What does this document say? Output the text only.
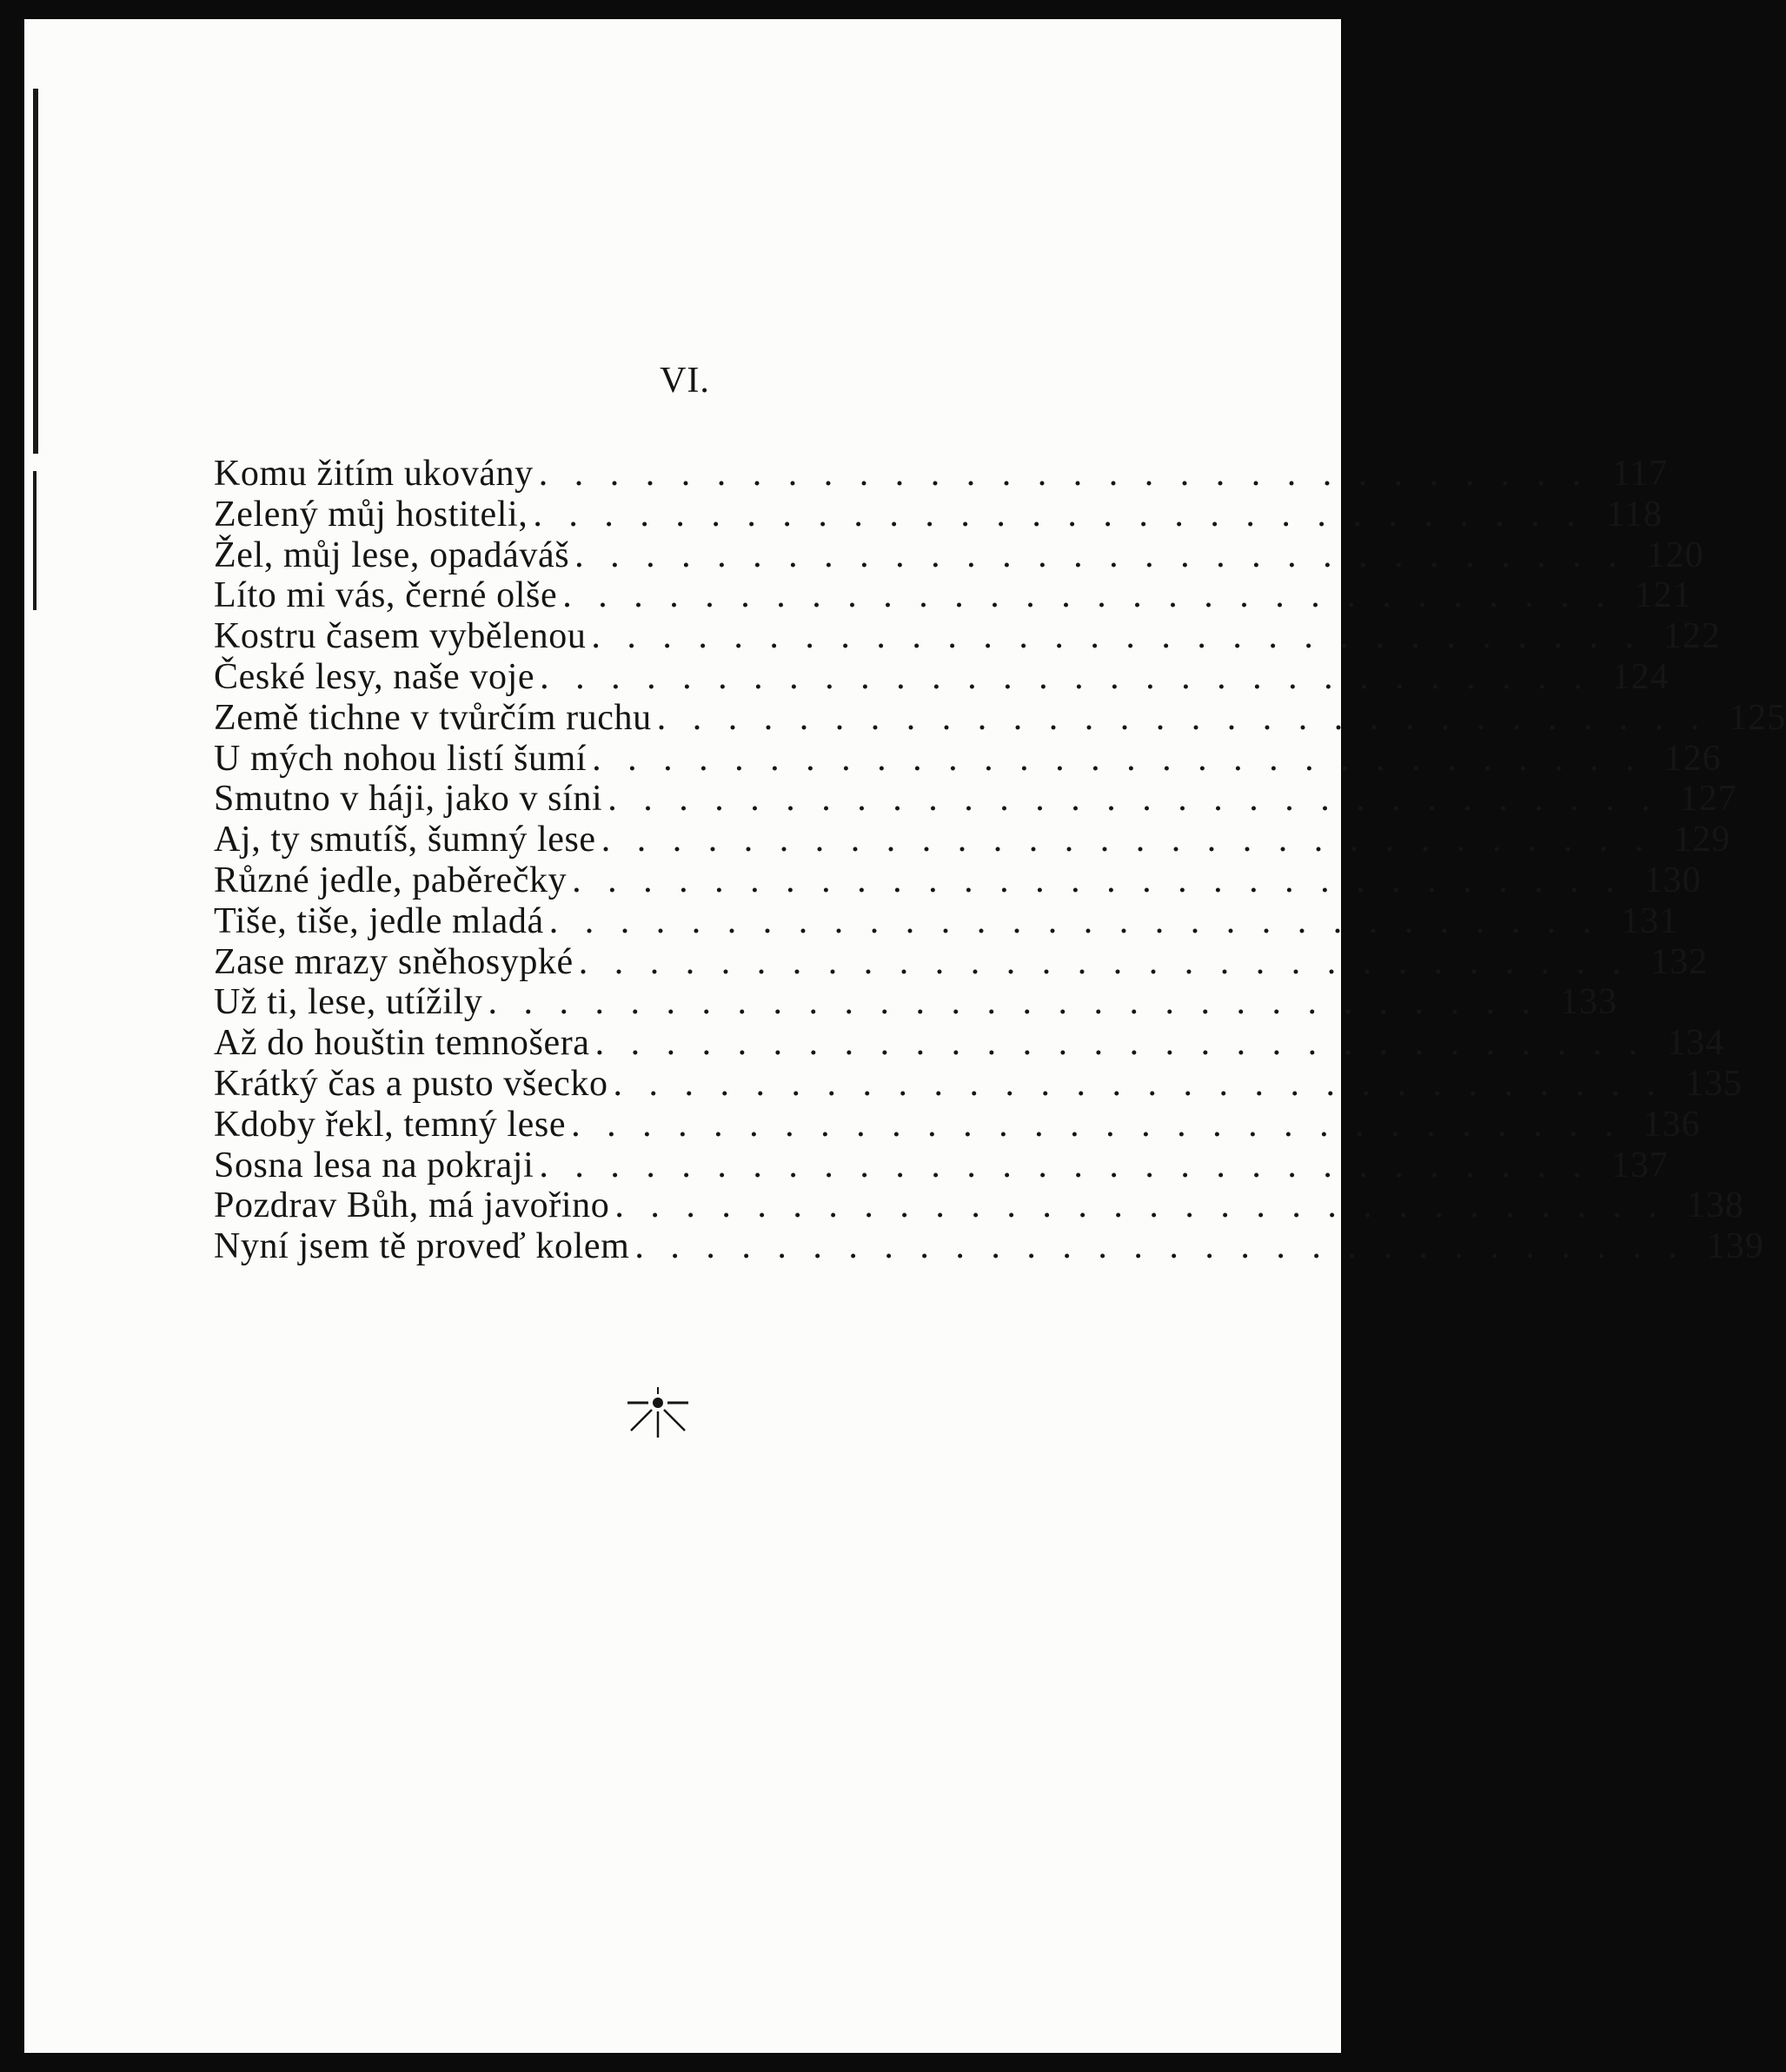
VI.
Komu žitím ukovány . . . . . . . . . . . . . . . . . . . . . . . . . . . . . . 117
Zelený můj hostiteli, . . . . . . . . . . . . . . . . . . . . . . . . . . . . . . 118
Žel, můj lese, opadáváš . . . . . . . . . . . . . . . . . . . . . . . . . . . . . . 120
Líto mi vás, černé olše . . . . . . . . . . . . . . . . . . . . . . . . . . . . . . 121
Kostru časem vybělenou . . . . . . . . . . . . . . . . . . . . . . . . . . . . . . 122
České lesy, naše voje . . . . . . . . . . . . . . . . . . . . . . . . . . . . . . 124
Země tichne v tvůrčím ruchu . . . . . . . . . . . . . . . . . . . . . . . . . . . . . . 125
U mých nohou listí šumí . . . . . . . . . . . . . . . . . . . . . . . . . . . . . . 126
Smutno v háji, jako v síni . . . . . . . . . . . . . . . . . . . . . . . . . . . . . . 127
Aj, ty smutíš, šumný lese . . . . . . . . . . . . . . . . . . . . . . . . . . . . . . 129
Různé jedle, paběrečky . . . . . . . . . . . . . . . . . . . . . . . . . . . . . . 130
Tiše, tiše, jedle mladá . . . . . . . . . . . . . . . . . . . . . . . . . . . . . . 131
Zase mrazy sněhosypké . . . . . . . . . . . . . . . . . . . . . . . . . . . . . . 132
Už ti, lese, utížily . . . . . . . . . . . . . . . . . . . . . . . . . . . . . . 133
Až do houštin temnošera . . . . . . . . . . . . . . . . . . . . . . . . . . . . . . 134
Krátký čas a pusto všecko . . . . . . . . . . . . . . . . . . . . . . . . . . . . . . 135
Kdoby řekl, temný lese . . . . . . . . . . . . . . . . . . . . . . . . . . . . . . 136
Sosna lesa na pokraji . . . . . . . . . . . . . . . . . . . . . . . . . . . . . . 137
Pozdrav Bůh, má javořino . . . . . . . . . . . . . . . . . . . . . . . . . . . . . . 138
Nyní jsem tě proveď kolem . . . . . . . . . . . . . . . . . . . . . . . . . . . . . . 139
